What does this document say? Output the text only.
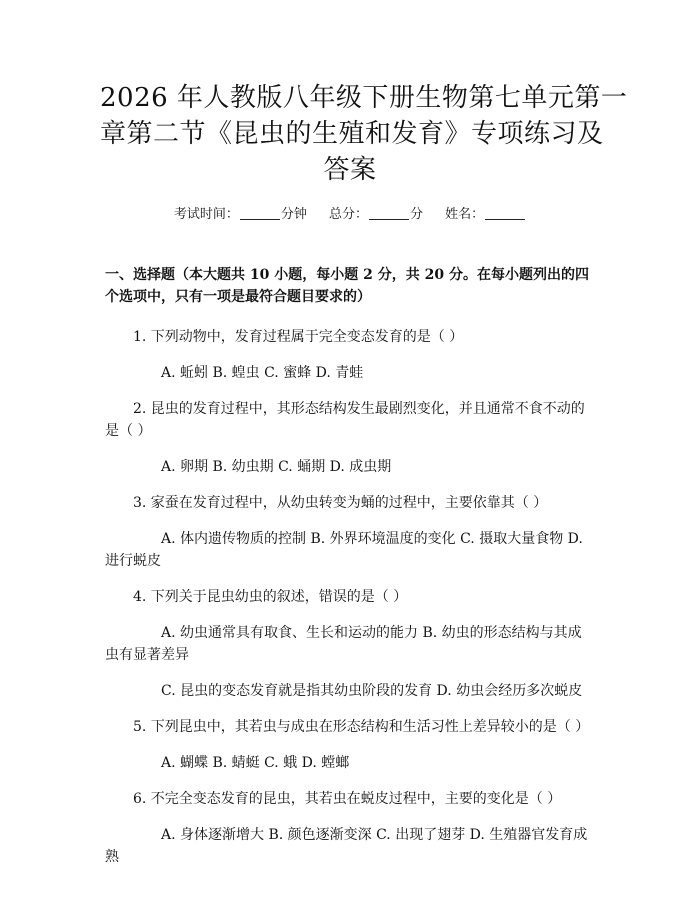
2026 年人教版八年级下册生物第七单元第一
章第二节《昆虫的生殖和发育》专项练习及
答案
考试时间：	分钟 总分：	分 姓名：
一、选择题（本大题共 10 小题，每小题 2 分，共 20 分。在每小题列出的四个选项中，只有一项是最符合题目要求的）

1. 下列动物中，发育过程属于完全变态发育的是（ ）

A. 蚯蚓 B. 蝗虫 C. 蜜蜂 D. 青蛙

2. 昆虫的发育过程中，其形态结构发生最剧烈变化，并且通常不食不动的是（ ）

A. 卵期 B. 幼虫期 C. 蛹期 D. 成虫期

3. 家蚕在发育过程中，从幼虫转变为蛹的过程中，主要依靠其（ ）

A. 体内遗传物质的控制 B. 外界环境温度的变化 C. 摄取大量食物 D. 进行蜕皮

4. 下列关于昆虫幼虫的叙述，错误的是（ ）

A. 幼虫通常具有取食、生长和运动的能力 B. 幼虫的形态结构与其成虫有显著差异

C. 昆虫的变态发育就是指其幼虫阶段的发育 D. 幼虫会经历多次蜕皮

5. 下列昆虫中，其若虫与成虫在形态结构和生活习性上差异较小的是（ ）

A. 蝴蝶 B. 蜻蜓 C. 蛾 D. 螳螂

6. 不完全变态发育的昆虫，其若虫在蜕皮过程中，主要的变化是（ ）

A. 身体逐渐增大 B. 颜色逐渐变深 C. 出现了翅芽 D. 生殖器官发育成熟
